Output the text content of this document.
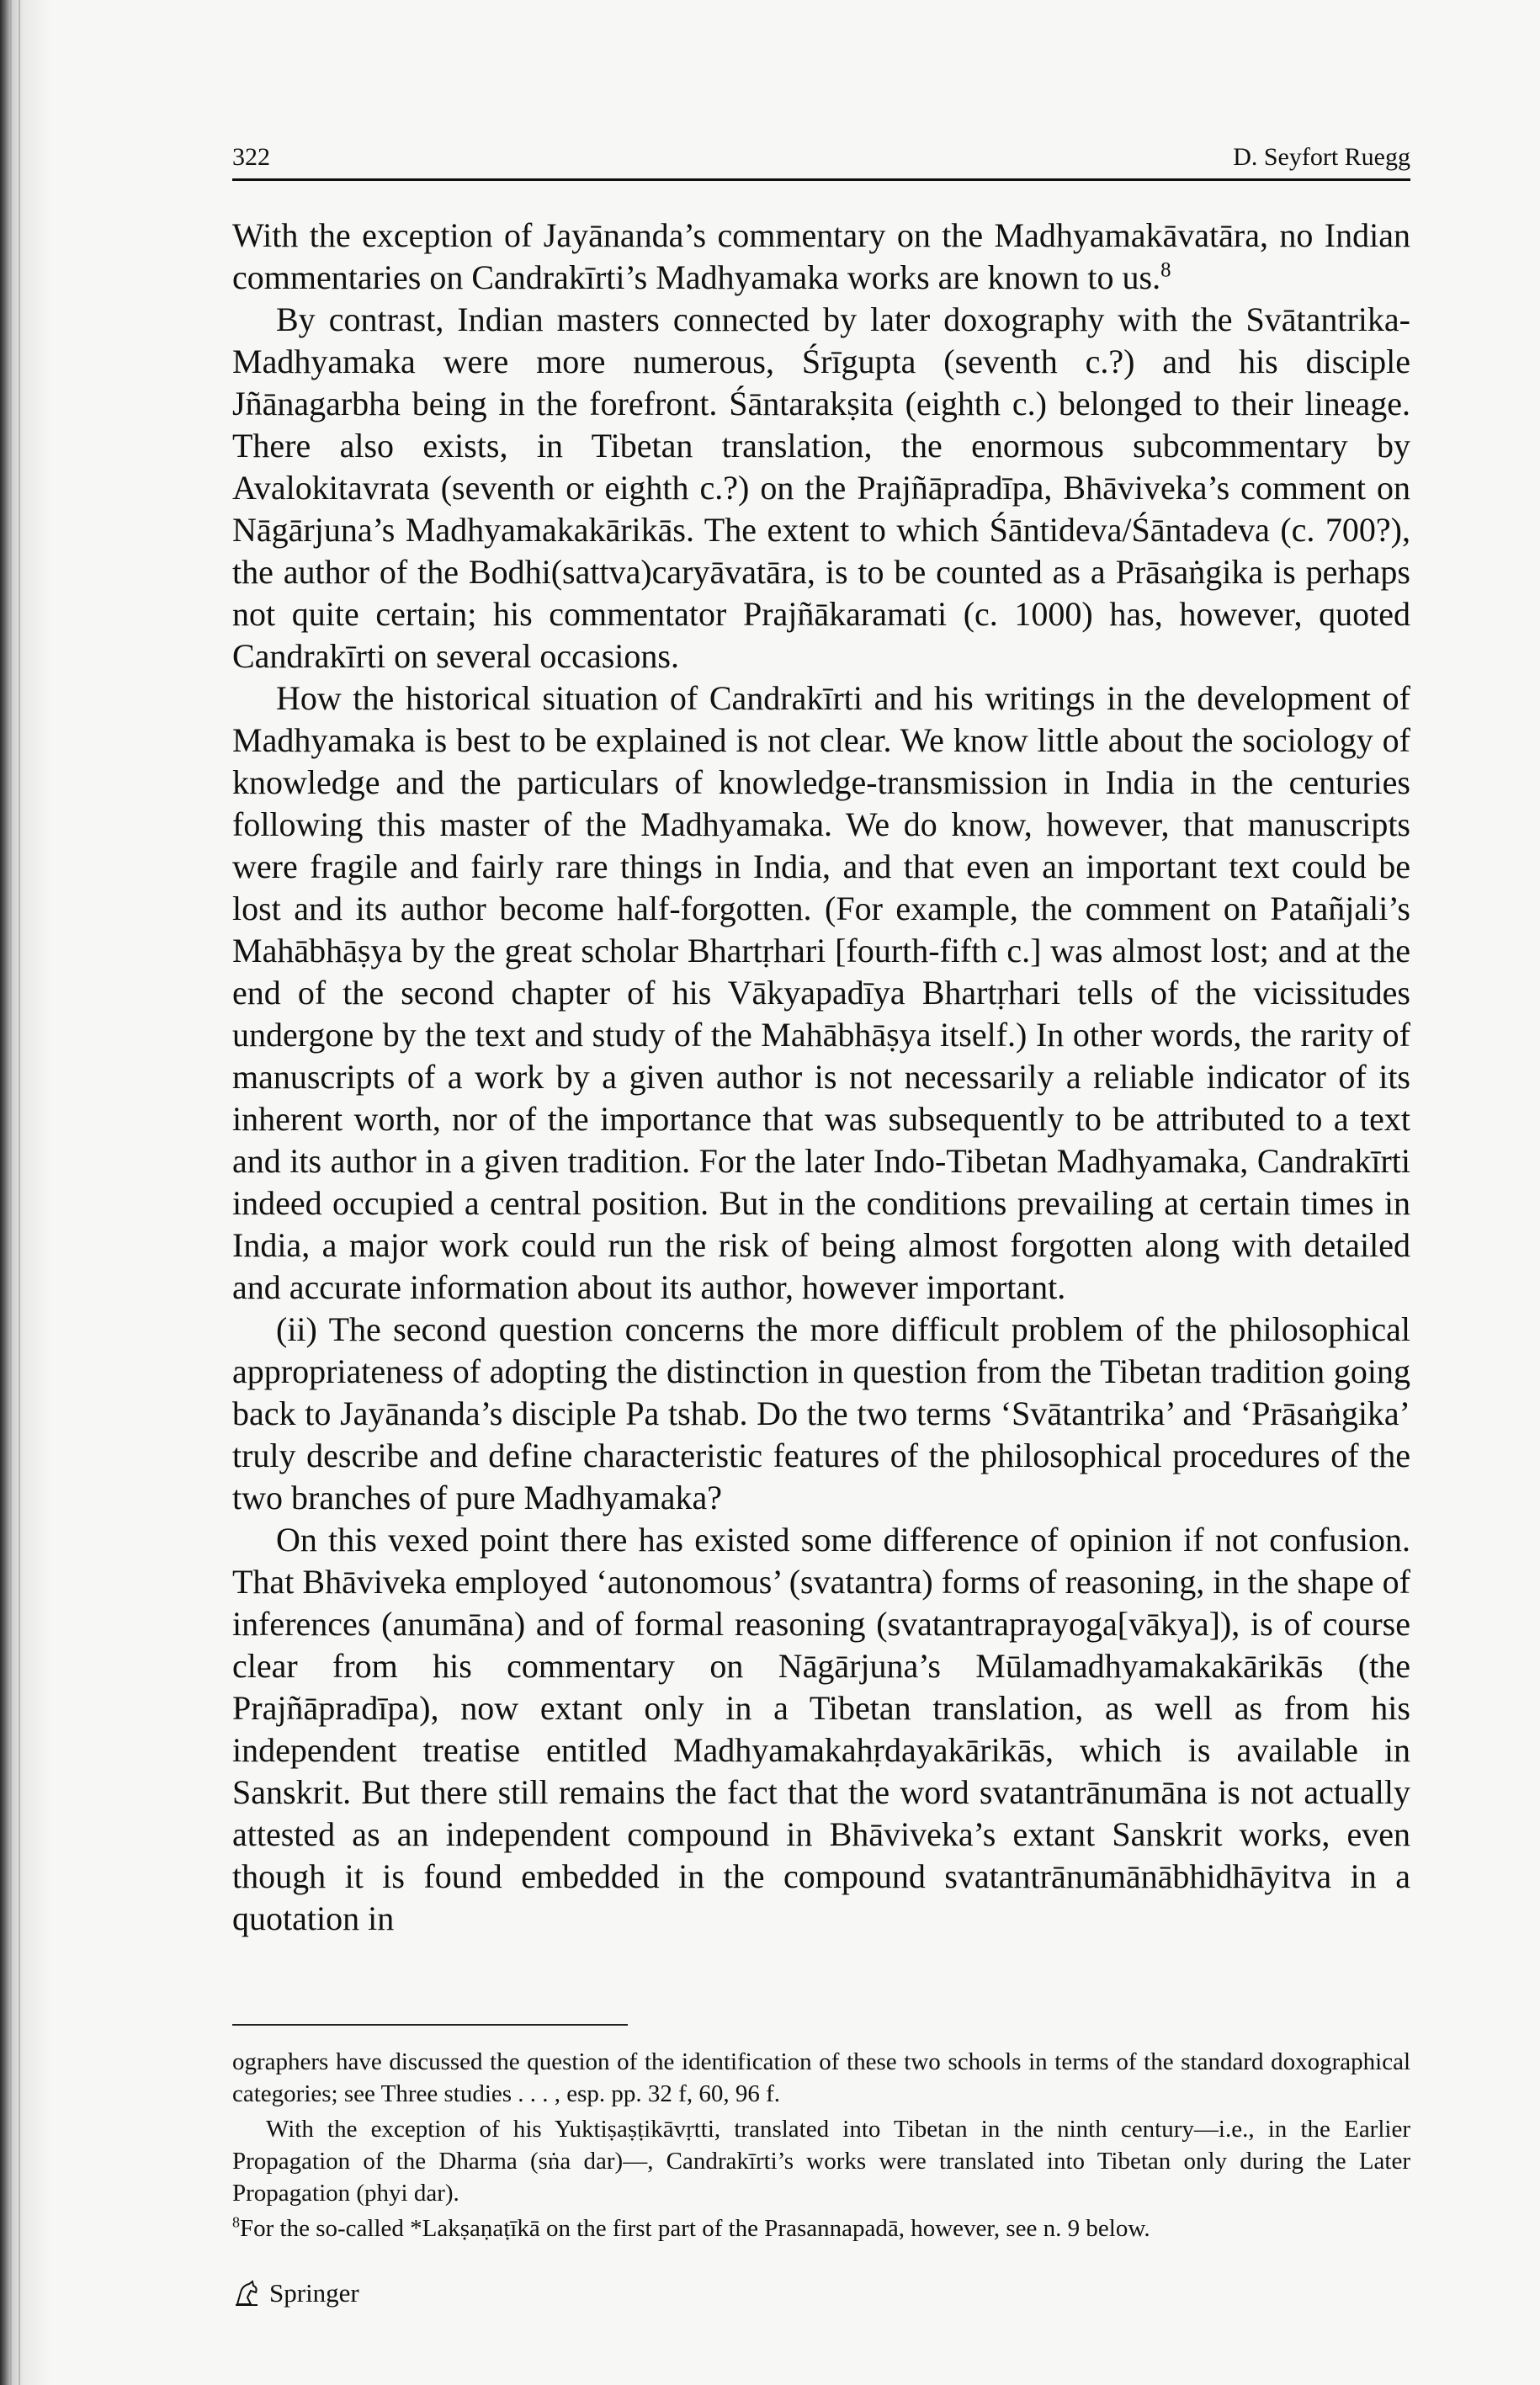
322	D. Seyfort Ruegg

With the exception of Jayānanda’s commentary on the Madhyamakāvatāra, no Indian commentaries on Candrakīrti’s Madhyamaka works are known to us.$^8$

By contrast, Indian masters connected by later doxography with the Svātantrika-Madhyamaka were more numerous, Śrīgupta (seventh c.?) and his disciple Jñānagarbha being in the forefront. Śāntarakṣita (eighth c.) belonged to their lineage. There also exists, in Tibetan translation, the enormous subcommentary by Avalokitavrata (seventh or eighth c.?) on the Prajñāpradīpa, Bhāviveka’s comment on Nāgārjuna’s Madhyamakakārikās. The extent to which Śāntideva/Śāntadeva (c. 700?), the author of the Bodhi(sattva)caryāvatāra, is to be counted as a Prāsaṅgika is perhaps not quite certain; his commentator Prajñākaramati (c. 1000) has, however, quoted Candrakīrti on several occasions.

How the historical situation of Candrakīrti and his writings in the development of Madhyamaka is best to be explained is not clear. We know little about the sociology of knowledge and the particulars of knowledge-transmission in India in the centuries following this master of the Madhyamaka. We do know, however, that manuscripts were fragile and fairly rare things in India, and that even an important text could be lost and its author become half-forgotten. (For example, the comment on Patañjali’s Mahābhāṣya by the great scholar Bhartṛhari [fourth-fifth c.] was almost lost; and at the end of the second chapter of his Vākyapadīya Bhartṛhari tells of the vicissitudes undergone by the text and study of the Mahābhāṣya itself.) In other words, the rarity of manuscripts of a work by a given author is not necessarily a reliable indicator of its inherent worth, nor of the importance that was subsequently to be attributed to a text and its author in a given tradition. For the later Indo-Tibetan Madhyamaka, Candrakīrti indeed occupied a central position. But in the conditions prevailing at certain times in India, a major work could run the risk of being almost forgotten along with detailed and accurate information about its author, however important.

(ii) The second question concerns the more difficult problem of the philosophical appropriateness of adopting the distinction in question from the Tibetan tradition going back to Jayānanda’s disciple Pa tshab. Do the two terms ‘Svātantrika’ and ‘Prāsaṅgika’ truly describe and define characteristic features of the philosophical procedures of the two branches of pure Madhyamaka?

On this vexed point there has existed some difference of opinion if not confusion. That Bhāviveka employed ‘autonomous’ (svatantra) forms of reasoning, in the shape of inferences (anumāna) and of formal reasoning (svatantraprayoga[vākya]), is of course clear from his commentary on Nāgārjuna’s Mūlamadhyamakakārikās (the Prajñāpradīpa), now extant only in a Tibetan translation, as well as from his independent treatise entitled Madhyamakahṛdayakārikās, which is available in Sanskrit. But there still remains the fact that the word svatantrānumāna is not actually attested as an independent compound in Bhāviveka’s extant Sanskrit works, even though it is found embedded in the compound svatantrānumānābhidhāyitva in a quotation in

ographers have discussed the question of the identification of these two schools in terms of the standard doxographical categories; see Three studies . . . , esp. pp. 32 f, 60, 96 f.

With the exception of his Yuktiṣaṣṭikāvṛtti, translated into Tibetan in the ninth century—i.e., in the Earlier Propagation of the Dharma (sṅa dar)—, Candrakīrti’s works were translated into Tibetan only during the Later Propagation (phyi dar).

$^8$For the so-called *Lakṣaṇaṭīkā on the first part of the Prasannapadā, however, see n. 9 below.

Springer
